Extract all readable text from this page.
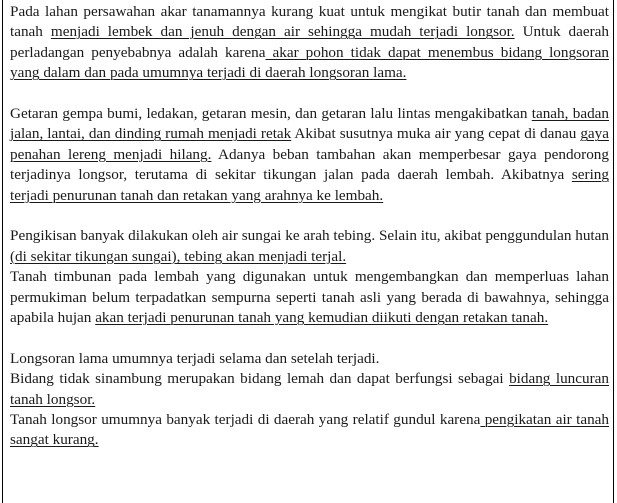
Pada lahan persawahan akar tanamannya kurang kuat untuk mengikat butir tanah dan membuat tanah menjadi lembek dan jenuh dengan air sehingga mudah terjadi longsor. Untuk daerah perladangan penyebabnya adalah karena akar pohon tidak dapat menembus bidang longsoran yang dalam dan pada umumnya terjadi di daerah longsoran lama.

Getaran gempa bumi, ledakan, getaran mesin, dan getaran lalu lintas mengakibatkan tanah, badan jalan, lantai, dan dinding rumah menjadi retak Akibat susutnya muka air yang cepat di danau gaya penahan lereng menjadi hilang. Adanya beban tambahan akan memperbesar gaya pendorong terjadinya longsor, terutama di sekitar tikungan jalan pada daerah lembah. Akibatnya sering terjadi penurunan tanah dan retakan yang arahnya ke lembah.

Pengikisan banyak dilakukan oleh air sungai ke arah tebing. Selain itu, akibat penggundulan hutan (di sekitar tikungan sungai), tebing akan menjadi terjal.

Tanah timbunan pada lembah yang digunakan untuk mengembangkan dan memperluas lahan permukiman belum terpadatkan sempurna seperti tanah asli yang berada di bawahnya, sehingga apabila hujan akan terjadi penurunan tanah yang kemudian diikuti dengan retakan tanah.

Longsoran lama umumnya terjadi selama dan setelah terjadi.

Bidang tidak sinambung merupakan bidang lemah dan dapat berfungsi sebagai bidang luncuran tanah longsor.

Tanah longsor umumnya banyak terjadi di daerah yang relatif gundul karena pengikatan air tanah sangat kurang.
